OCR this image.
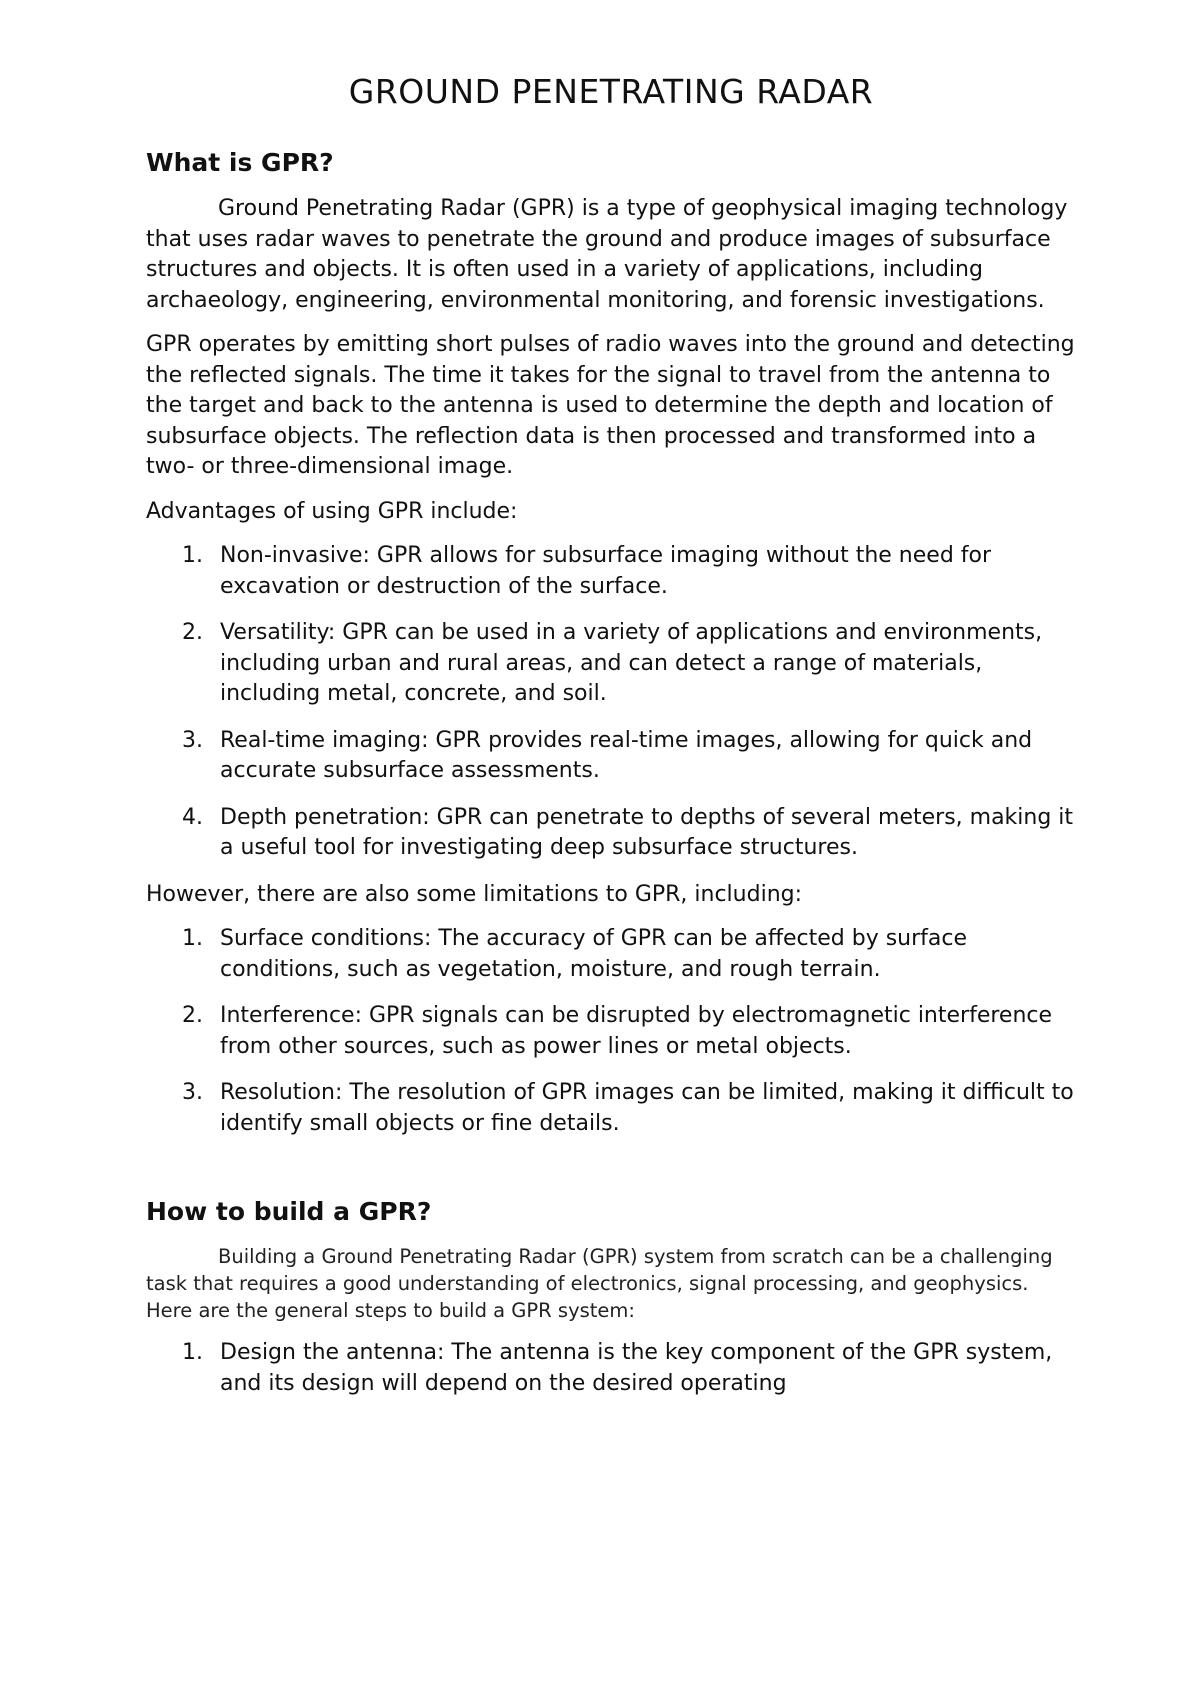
GROUND PENETRATING RADAR
What is GPR?

Ground Penetrating Radar (GPR) is a type of geophysical imaging technology that uses radar waves to penetrate the ground and produce images of subsurface structures and objects. It is often used in a variety of applications, including archaeology, engineering, environmental monitoring, and forensic investigations.

GPR operates by emitting short pulses of radio waves into the ground and detecting the reflected signals. The time it takes for the signal to travel from the antenna to the target and back to the antenna is used to determine the depth and location of subsurface objects. The reflection data is then processed and transformed into a two- or three-dimensional image.

Advantages of using GPR include:

1. Non-invasive: GPR allows for subsurface imaging without the need for excavation or destruction of the surface.
2. Versatility: GPR can be used in a variety of applications and environments, including urban and rural areas, and can detect a range of materials, including metal, concrete, and soil.
3. Real-time imaging: GPR provides real-time images, allowing for quick and accurate subsurface assessments.
4. Depth penetration: GPR can penetrate to depths of several meters, making it a useful tool for investigating deep subsurface structures.

However, there are also some limitations to GPR, including:

1. Surface conditions: The accuracy of GPR can be affected by surface conditions, such as vegetation, moisture, and rough terrain.
2. Interference: GPR signals can be disrupted by electromagnetic interference from other sources, such as power lines or metal objects.
3. Resolution: The resolution of GPR images can be limited, making it difficult to identify small objects or fine details.
How to build a GPR?

Building a Ground Penetrating Radar (GPR) system from scratch can be a challenging task that requires a good understanding of electronics, signal processing, and geophysics. Here are the general steps to build a GPR system:

1. Design the antenna: The antenna is the key component of the GPR system, and its design will depend on the desired operating
